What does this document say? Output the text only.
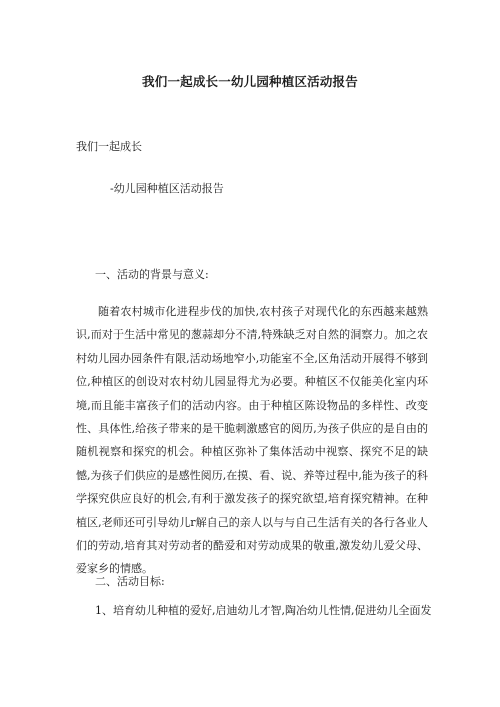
我们一起成长一幼儿园种植区活动报告
我们一起成长
-幼儿园种植区活动报告
一、活动的背景与意义:

随着农村城市化进程步伐的加快,农村孩子对现代化的东西越来越熟识,而对于生活中常见的葱蒜却分不清,特殊缺乏对自然的洞察力。加之农村幼儿园办园条件有限,活动场地窄小,功能室不全,区角活动开展得不够到位,种植区的创设对农村幼儿园显得尤为必要。种植区不仅能美化室内环境,而且能丰富孩子们的活动内容。由于种植区陈设物品的多样性、改变性、具体性,给孩子带来的是干脆刺激感官的阅历,为孩子供应的是自由的随机视察和探究的机会。种植区弥补了集体活动中视察、探究不足的缺憾,为孩子们供应的是感性阅历,在摸、看、说、养等过程中,能为孩子的科学探究供应良好的机会,有利于激发孩子的探究欲望,培育探究精神。在种植区,老师还可引导幼儿r解自己的亲人以与与自己生活有关的各行各业人们的劳动,培育其对劳动者的酷爱和对劳动成果的敬重,激发幼儿爱父母、爱家乡的情感。

二、活动目标:
1、培育幼儿种植的爱好,启迪幼儿才智,陶冶幼儿性情,促进幼儿全面发
